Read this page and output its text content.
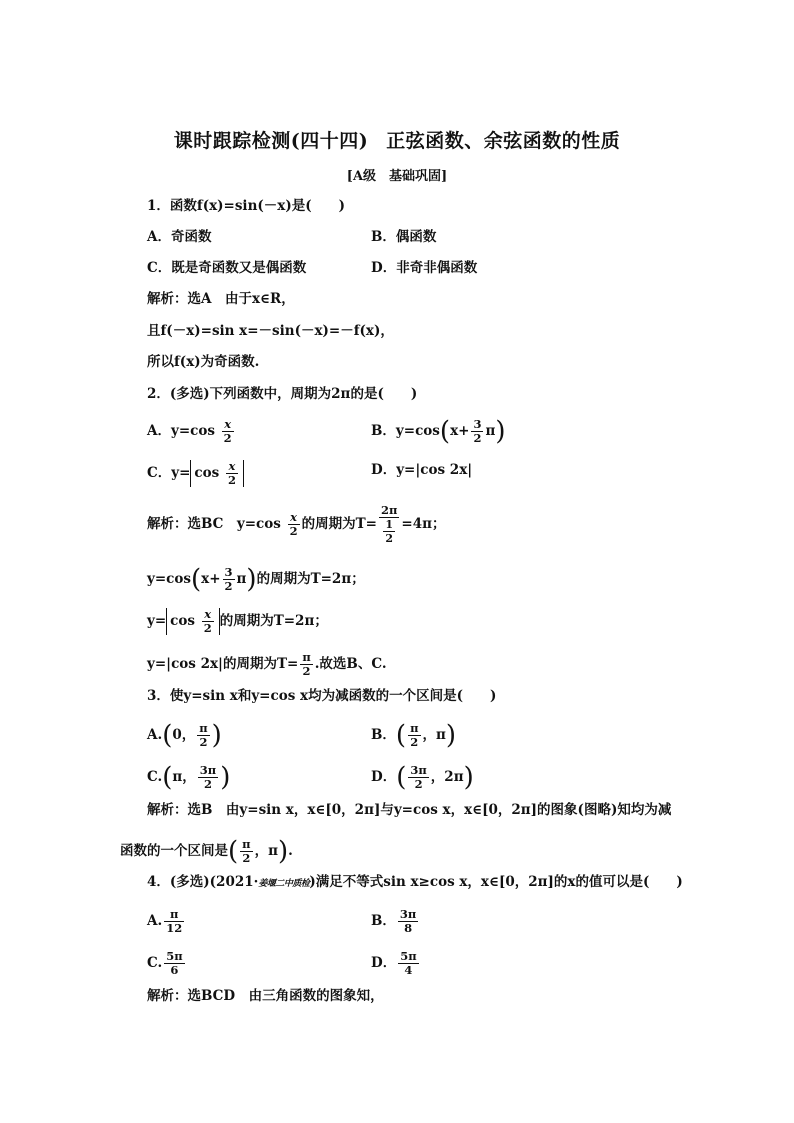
课时跟踪检测(四十四) 正弦函数、余弦函数的性质
[A级　基础巩固]
1．函数f(x)=sin(－x)是(　　)
A．奇函数	B．偶函数
C．既是奇函数又是偶函数	D．非奇非偶函数
解析：选A　由于x∈R，
且f(－x)=sin x=－sin(－x)=－f(x)，
所以f(x)为奇函数.
2．(多选)下列函数中，周期为2π的是(　　)
A．$y=\cos \frac{x}{2}$	B．$y=\cos(x+ \frac{3}{2} \pi)$
C．$y= \cos \frac{x}{2}$	D．y=|cos 2x|
解析：选BC　$y=\cos \frac{x}{2}$ 的周期为$T= \frac{2\pi}{\frac{1}{2}} =4\pi$；
$y=\cos(x+ \frac{3}{2} \pi)$的周期为T=2π；
$y= \cos \frac{x}{2}$ 的周期为T=2π；
y=|cos 2x|的周期为$T= \frac{\pi}{2}$ .故选B、C.
3．使y=sin x和y=cos x均为减函数的一个区间是(　　)
A.(0， $\frac{\pi}{2}$ )	B．( $\frac{\pi}{2}$ ，π)
C.(π， $\frac{3\pi}{2}$ )	D．( $\frac{3\pi}{2}$ ，2π)
解析：选B　由y=sin x，x∈[0，2π]与y=cos x，x∈[0，2π]的图象(图略)知均为减
函数的一个区间是( $\frac{\pi}{2}$ ，π).
4．(多选)(2021·姜堰二中质检)满足不等式sin x≥cos x，x∈[0，2π]的x的值可以是(　　)
A. $\frac{\pi}{12}$	B． $\frac{3\pi}{8}$
C. $\frac{5\pi}{6}$	D． $\frac{5\pi}{4}$
解析：选BCD　由三角函数的图象知，
